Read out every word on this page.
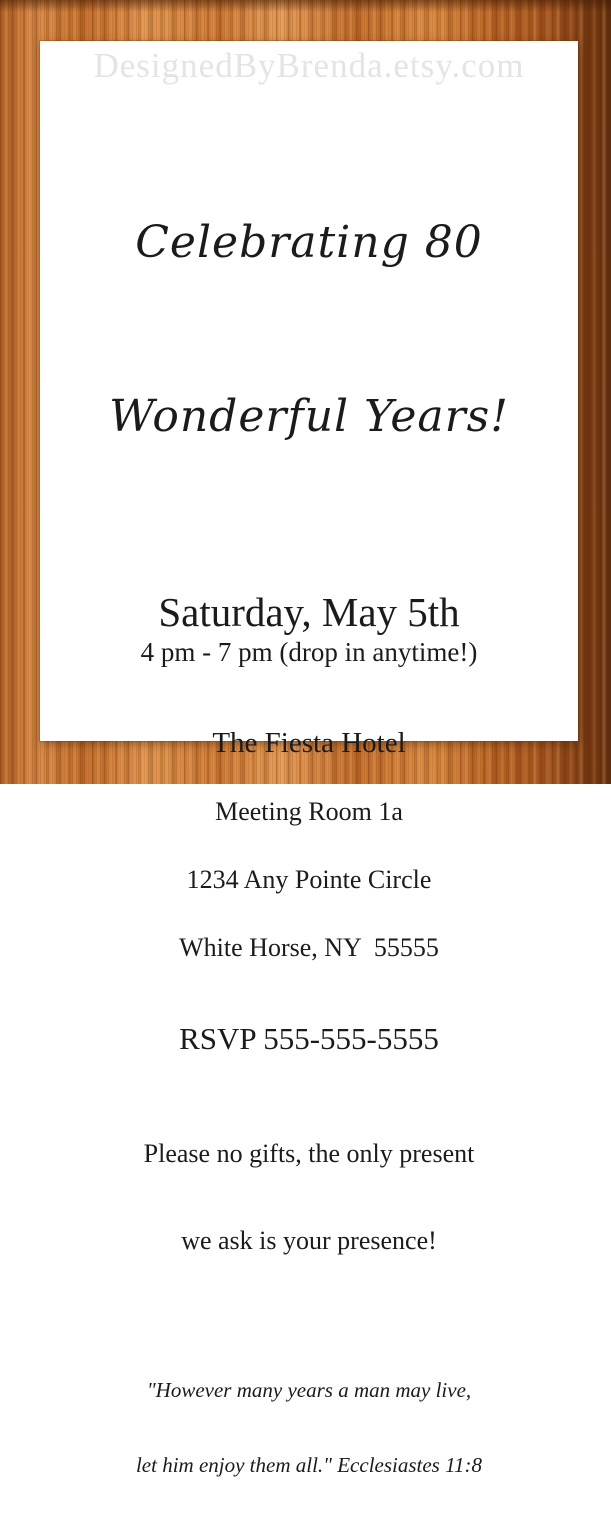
DesignedByBrenda.etsy.com

Celebrating 80

Wonderful Years!

Saturday, May 5th
4 pm - 7 pm (drop in anytime!)

The Fiesta Hotel

Meeting Room 1a

1234 Any Pointe Circle

White Horse, NY  55555

RSVP 555-555-5555

Please no gifts, the only present

we ask is your presence!

"However many years a man may live,

let him enjoy them all." Ecclesiastes 11:8
